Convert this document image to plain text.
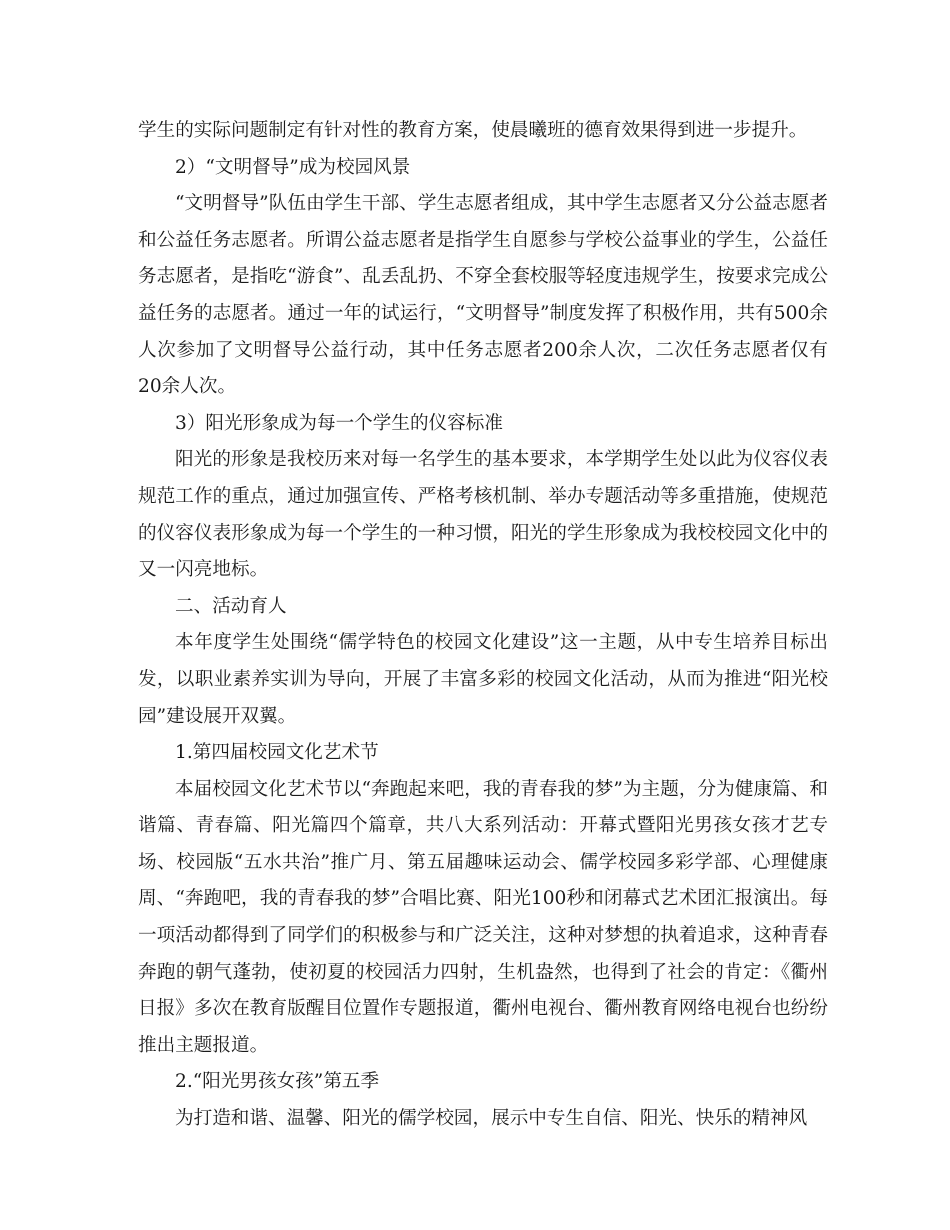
学生的实际问题制定有针对性的教育方案，使晨曦班的德育效果得到进一步提升。

2）“文明督导”成为校园风景

“文明督导”队伍由学生干部、学生志愿者组成，其中学生志愿者又分公益志愿者和公益任务志愿者。所谓公益志愿者是指学生自愿参与学校公益事业的学生，公益任务志愿者，是指吃“游食”、乱丢乱扔、不穿全套校服等轻度违规学生，按要求完成公益任务的志愿者。通过一年的试运行，“文明督导”制度发挥了积极作用，共有500余人次参加了文明督导公益行动，其中任务志愿者200余人次，二次任务志愿者仅有20余人次。

3）阳光形象成为每一个学生的仪容标准

阳光的形象是我校历来对每一名学生的基本要求，本学期学生处以此为仪容仪表规范工作的重点，通过加强宣传、严格考核机制、举办专题活动等多重措施，使规范的仪容仪表形象成为每一个学生的一种习惯，阳光的学生形象成为我校校园文化中的又一闪亮地标。

二、活动育人

本年度学生处围绕“儒学特色的校园文化建设”这一主题，从中专生培养目标出发，以职业素养实训为导向，开展了丰富多彩的校园文化活动，从而为推进“阳光校园”建设展开双翼。

1.第四届校园文化艺术节

本届校园文化艺术节以“奔跑起来吧，我的青春我的梦”为主题，分为健康篇、和谐篇、青春篇、阳光篇四个篇章，共八大系列活动：开幕式暨阳光男孩女孩才艺专场、校园版“五水共治”推广月、第五届趣味运动会、儒学校园多彩学部、心理健康周、“奔跑吧，我的青春我的梦”合唱比赛、阳光100秒和闭幕式艺术团汇报演出。每一项活动都得到了同学们的积极参与和广泛关注，这种对梦想的执着追求，这种青春奔跑的朝气蓬勃，使初夏的校园活力四射，生机盎然，也得到了社会的肯定：《衢州日报》多次在教育版醒目位置作专题报道，衢州电视台、衢州教育网络电视台也纷纷推出主题报道。

2.“阳光男孩女孩”第五季

为打造和谐、温馨、阳光的儒学校园，展示中专生自信、阳光、快乐的精神风
